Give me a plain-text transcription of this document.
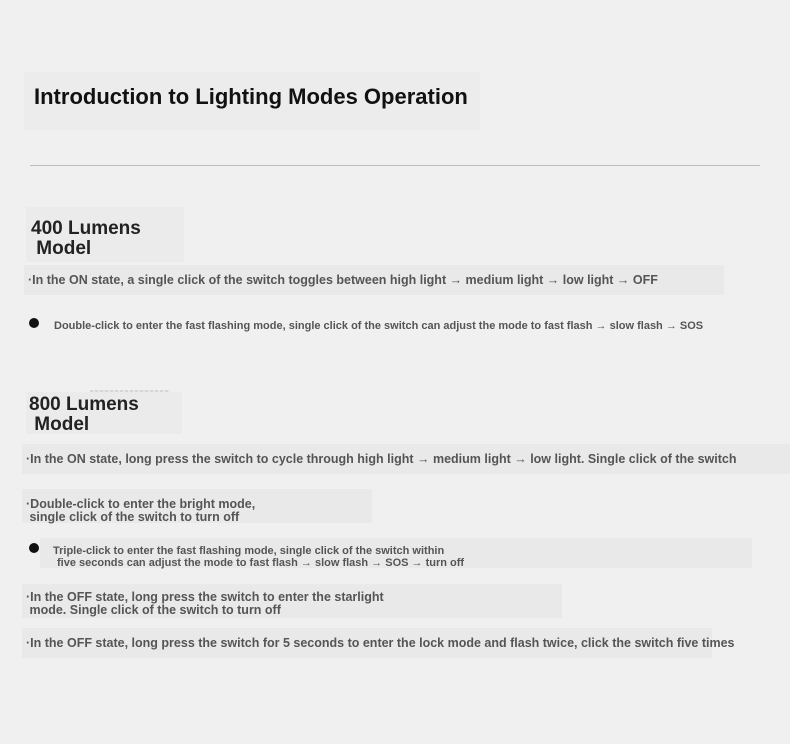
Introduction to Lighting Modes Operation
400 Lumens
Model
·In the ON state, a single click of the switch toggles between high light → medium light → low light → OFF
Double-click to enter the fast flashing mode, single click of the switch can adjust the mode to fast flash → slow flash → SOS
800 Lumens
Model
·In the ON state, long press the switch to cycle through high light → medium light → low light. Single click of the switch
·Double-click to enter the bright mode,
single click of the switch to turn off
Triple-click to enter the fast flashing mode, single click of the switch within
five seconds can adjust the mode to fast flash → slow flash → SOS → turn off
·In the OFF state, long press the switch to enter the starlight
mode. Single click of the switch to turn off
·In the OFF state, long press the switch for 5 seconds to enter the lock mode and flash twice, click the switch five times
